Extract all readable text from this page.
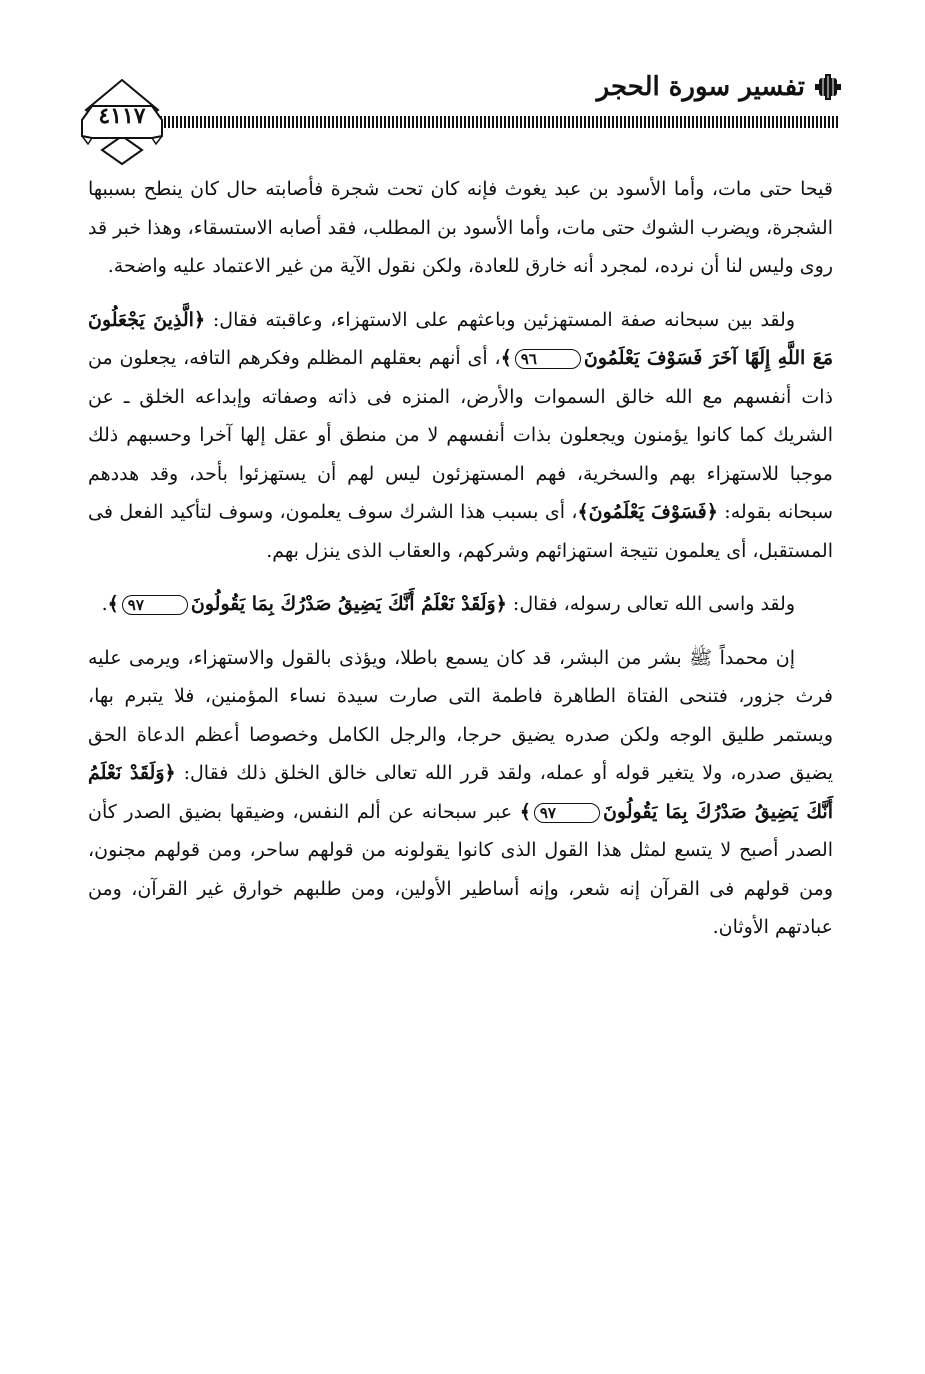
تفسير سورة الحجر
٤١١٧

قيحا حتى مات، وأما الأسود بن عبد يغوث فإنه كان تحت شجرة فأصابته حال كان ينطح بسببها الشجرة، ويضرب الشوك حتى مات، وأما الأسود بن المطلب، فقد أصابه الاستسقاء، وهذا خبر قد روى وليس لنا أن نرده، لمجرد أنه خارق للعادة، ولكن نقول الآية من غير الاعتماد عليه واضحة.

ولقد بين سبحانه صفة المستهزئين وباعثهم على الاستهزاء، وعاقبته فقال: ﴿الَّذِينَ يَجْعَلُونَ مَعَ اللَّهِ إِلَهًا آخَرَ فَسَوْفَ يَعْلَمُونَ٩٦﴾، أى أنهم بعقلهم المظلم وفكرهم التافه، يجعلون من ذات أنفسهم مع الله خالق السموات والأرض، المنزه فى ذاته وصفاته وإبداعه الخلق ـ عن الشريك كما كانوا يؤمنون ويجعلون بذات أنفسهم لا من منطق أو عقل إلها آخرا وحسبهم ذلك موجبا للاستهزاء بهم والسخرية، فهم المستهزئون ليس لهم أن يستهزئوا بأحد، وقد هددهم سبحانه بقوله: ﴿فَسَوْفَ يَعْلَمُونَ﴾، أى بسبب هذا الشرك سوف يعلمون، وسوف لتأكيد الفعل فى المستقبل، أى يعلمون نتيجة استهزائهم وشركهم، والعقاب الذى ينزل بهم.

ولقد واسى الله تعالى رسوله، فقال: ﴿وَلَقَدْ نَعْلَمُ أَنَّكَ يَضِيقُ صَدْرُكَ بِمَا يَقُولُونَ٩٧﴾.

إن محمداً ﷺ بشر من البشر، قد كان يسمع باطلا، ويؤذى بالقول والاستهزاء، ويرمى عليه فرث جزور، فتنحى الفتاة الطاهرة فاطمة التى صارت سيدة نساء المؤمنين، فلا يتبرم بها، ويستمر طليق الوجه ولكن صدره يضيق حرجا، والرجل الكامل وخصوصا أعظم الدعاة الحق يضيق صدره، ولا يتغير قوله أو عمله، ولقد قرر الله تعالى خالق الخلق ذلك فقال: ﴿وَلَقَدْ نَعْلَمُ أَنَّكَ يَضِيقُ صَدْرُكَ بِمَا يَقُولُونَ٩٧﴾ عبر سبحانه عن ألم النفس، وضيقها بضيق الصدر كأن الصدر أصبح لا يتسع لمثل هذا القول الذى كانوا يقولونه من قولهم ساحر، ومن قولهم مجنون، ومن قولهم فى القرآن إنه شعر، وإنه أساطير الأولين، ومن طلبهم خوارق غير القرآن، ومن عبادتهم الأوثان.
